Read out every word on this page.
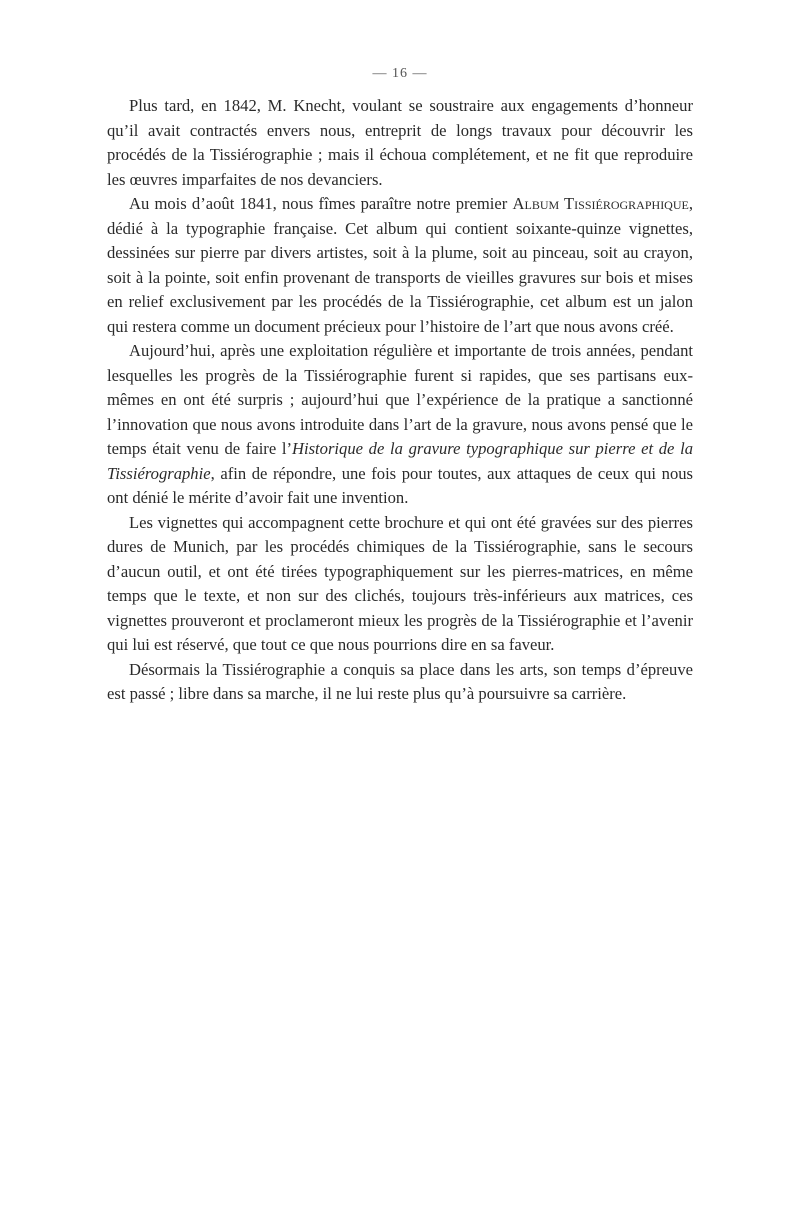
— 16 —

Plus tard, en 1842, M. Knecht, voulant se soustraire aux engagements d’honneur qu’il avait contractés envers nous, entreprit de longs travaux pour découvrir les procédés de la Tissiérographie ; mais il échoua complétement, et ne fit que reproduire les œuvres imparfaites de nos devanciers.

Au mois d’août 1841, nous fîmes paraître notre premier Album Tissiérographique, dédié à la typographie française. Cet album qui contient soixante-quinze vignettes, dessinées sur pierre par divers artistes, soit à la plume, soit au pinceau, soit au crayon, soit à la pointe, soit enfin provenant de transports de vieilles gravures sur bois et mises en relief exclusivement par les procédés de la Tissiérographie, cet album est un jalon qui restera comme un document précieux pour l’histoire de l’art que nous avons créé.

Aujourd’hui, après une exploitation régulière et importante de trois années, pendant lesquelles les progrès de la Tissiérographie furent si rapides, que ses partisans eux-mêmes en ont été surpris ; aujourd’hui que l’expérience de la pratique a sanctionné l’innovation que nous avons introduite dans l’art de la gravure, nous avons pensé que le temps était venu de faire l’Historique de la gravure typographique sur pierre et de la Tissiérographie, afin de répondre, une fois pour toutes, aux attaques de ceux qui nous ont dénié le mérite d’avoir fait une invention.

Les vignettes qui accompagnent cette brochure et qui ont été gravées sur des pierres dures de Munich, par les procédés chimiques de la Tissiérographie, sans le secours d’aucun outil, et ont été tirées typographiquement sur les pierres-matrices, en même temps que le texte, et non sur des clichés, toujours très-inférieurs aux matrices, ces vignettes prouveront et proclameront mieux les progrès de la Tissiérographie et l’avenir qui lui est réservé, que tout ce que nous pourrions dire en sa faveur.

Désormais la Tissiérographie a conquis sa place dans les arts, son temps d’épreuve est passé ; libre dans sa marche, il ne lui reste plus qu’à poursuivre sa carrière.
